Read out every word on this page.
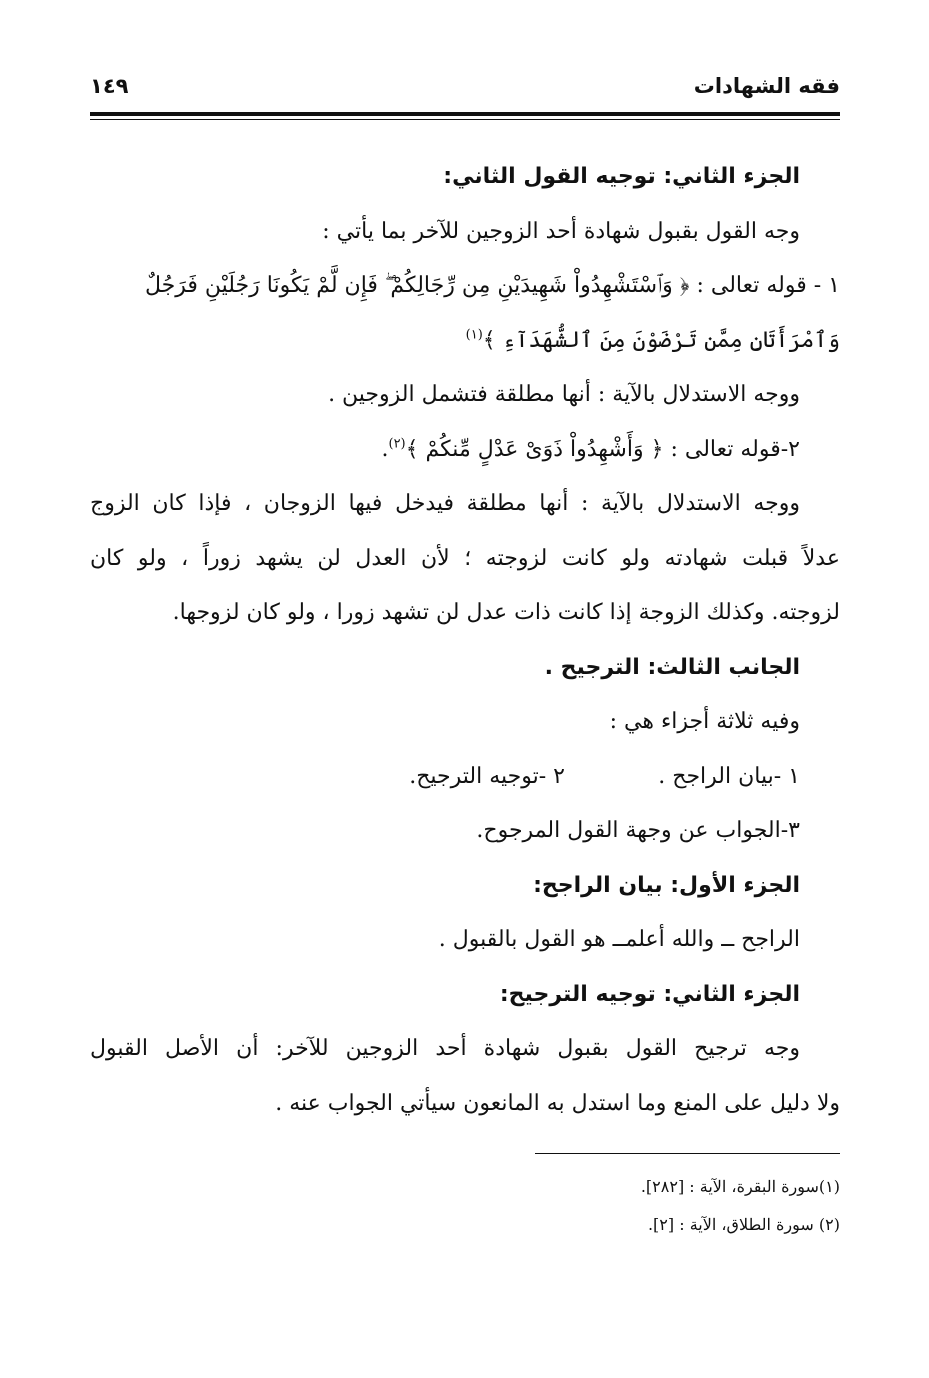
فقه الشهادات
١٤٩
الجزء الثاني: توجيه القول الثاني:
وجه القول بقبول شهادة أحد الزوجين للآخر بما يأتي :
١ - قوله تعالى : ﴿ وَٱسْتَشْهِدُواْ شَهِيدَيْنِ مِن رِّجَالِكُمْ ۖ فَإِن لَّمْ يَكُونَا رَجُلَيْنِ فَرَجُلٌ
وَٱمْرَأَتَانِ مِمَّن تَرْضَوْنَ مِنَ ٱلشُّهَدَآءِ ﴾$^{(١)}$
ووجه الاستدلال بالآية : أنها مطلقة فتشمل الزوجين .
٢-قوله تعالى : ﴿ وَأَشْهِدُواْ ذَوَىْ عَدْلٍ مِّنكُمْ ﴾$^{(٢)}$.
ووجه الاستدلال بالآية : أنها مطلقة فيدخل فيها الزوجان ، فإذا كان الزوج
عدلاً قبلت شهادته ولو كانت لزوجته ؛ لأن العدل لن يشهد زوراً ، ولو كان
لزوجته. وكذلك الزوجة إذا كانت ذات عدل لن تشهد زورا ، ولو كان لزوجها.
الجانب الثالث: الترجيح .
وفيه ثلاثة أجزاء هي :
١ -بيان الراجح .
٢ -توجيه الترجيح.
٣-الجواب عن وجهة القول المرجوح.
الجزء الأول: بيان الراجح:
الراجح ــ والله أعلمــ هو القول بالقبول .
الجزء الثاني: توجيه الترجيح:
وجه ترجيح القول بقبول شهادة أحد الزوجين للآخر: أن الأصل القبول
ولا دليل على المنع وما استدل به المانعون سيأتي الجواب عنه .
(١)سورة البقرة، الآية : [٢٨٢].
(٢) سورة الطلاق، الآية : [٢].
